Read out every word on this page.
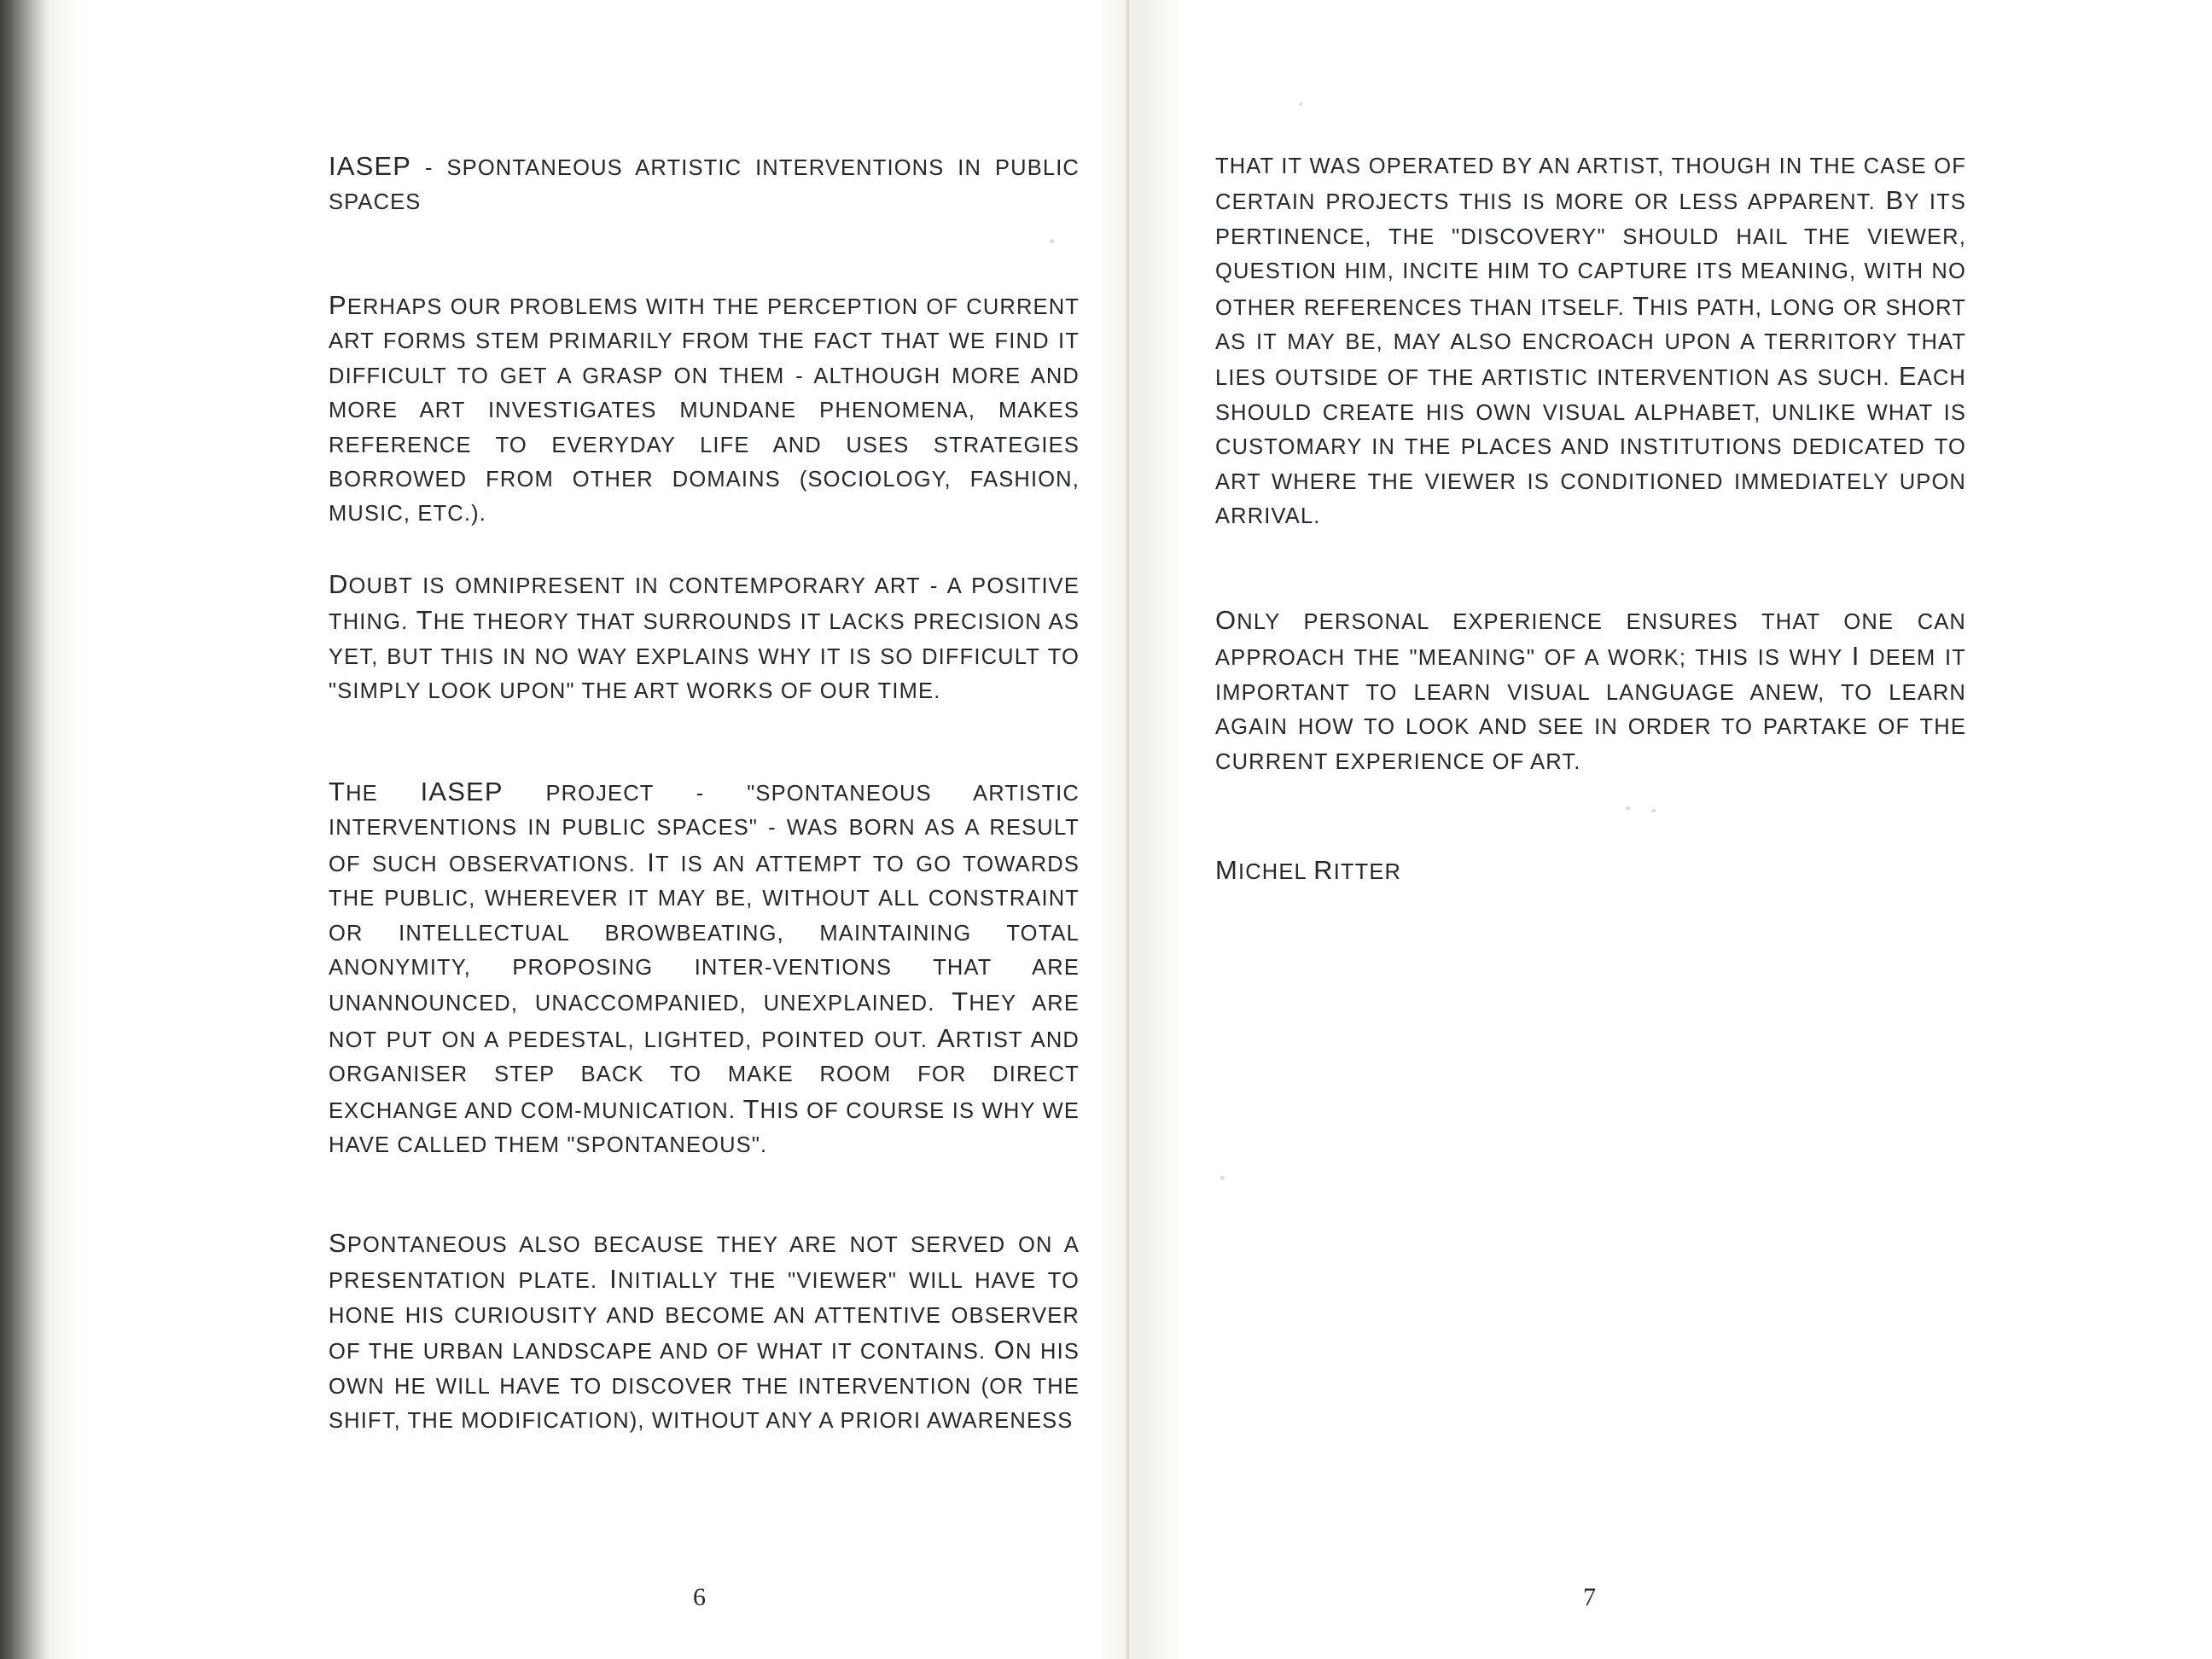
IASEP - SPONTANEOUS ARTISTIC INTERVENTIONS IN PUBLIC SPACES
PERHAPS OUR PROBLEMS WITH THE PERCEPTION OF CURRENT ART FORMS STEM PRIMARILY FROM THE FACT THAT WE FIND IT DIFFICULT TO GET A GRASP ON THEM - ALTHOUGH MORE AND MORE ART INVESTIGATES MUNDANE PHENOMENA, MAKES REFERENCE TO EVERYDAY LIFE AND USES STRATEGIES BORROWED FROM OTHER DOMAINS (SOCIOLOGY, FASHION, MUSIC, ETC.).
DOUBT IS OMNIPRESENT IN CONTEMPORARY ART - A POSITIVE THING. THE THEORY THAT SURROUNDS IT LACKS PRECISION AS YET, BUT THIS IN NO WAY EXPLAINS WHY IT IS SO DIFFICULT TO "SIMPLY LOOK UPON" THE ART WORKS OF OUR TIME.
THE IASEP PROJECT - "SPONTANEOUS ARTISTIC INTERVENTIONS IN PUBLIC SPACES" - WAS BORN AS A RESULT OF SUCH OBSERVATIONS. IT IS AN ATTEMPT TO GO TOWARDS THE PUBLIC, WHEREVER IT MAY BE, WITHOUT ALL CONSTRAINT OR INTELLECTUAL BROWBEATING, MAINTAINING TOTAL ANONYMITY, PROPOSING INTER-VENTIONS THAT ARE UNANNOUNCED, UNACCOMPANIED, UNEXPLAINED. THEY ARE NOT PUT ON A PEDESTAL, LIGHTED, POINTED OUT. ARTIST AND ORGANISER STEP BACK TO MAKE ROOM FOR DIRECT EXCHANGE AND COM-MUNICATION. THIS OF COURSE IS WHY WE HAVE CALLED THEM "SPONTANEOUS".
SPONTANEOUS ALSO BECAUSE THEY ARE NOT SERVED ON A PRESENTATION PLATE. INITIALLY THE "VIEWER" WILL HAVE TO HONE HIS CURIOUSITY AND BECOME AN ATTENTIVE OBSERVER OF THE URBAN LANDSCAPE AND OF WHAT IT CONTAINS. ON HIS OWN HE WILL HAVE TO DISCOVER THE INTERVENTION (OR THE SHIFT, THE MODIFICATION), WITHOUT ANY A PRIORI AWARENESS
6
THAT IT WAS OPERATED BY AN ARTIST, THOUGH IN THE CASE OF CERTAIN PROJECTS THIS IS MORE OR LESS APPARENT. BY ITS PERTINENCE, THE "DISCOVERY" SHOULD HAIL THE VIEWER, QUESTION HIM, INCITE HIM TO CAPTURE ITS MEANING, WITH NO OTHER REFERENCES THAN ITSELF. THIS PATH, LONG OR SHORT AS IT MAY BE, MAY ALSO ENCROACH UPON A TERRITORY THAT LIES OUTSIDE OF THE ARTISTIC INTERVENTION AS SUCH. EACH SHOULD CREATE HIS OWN VISUAL ALPHABET, UNLIKE WHAT IS CUSTOMARY IN THE PLACES AND INSTITUTIONS DEDICATED TO ART WHERE THE VIEWER IS CONDITIONED IMMEDIATELY UPON ARRIVAL.
ONLY PERSONAL EXPERIENCE ENSURES THAT ONE CAN APPROACH THE "MEANING" OF A WORK; THIS IS WHY I DEEM IT IMPORTANT TO LEARN VISUAL LANGUAGE ANEW, TO LEARN AGAIN HOW TO LOOK AND SEE IN ORDER TO PARTAKE OF THE CURRENT EXPERIENCE OF ART.
MICHEL RITTER
7
